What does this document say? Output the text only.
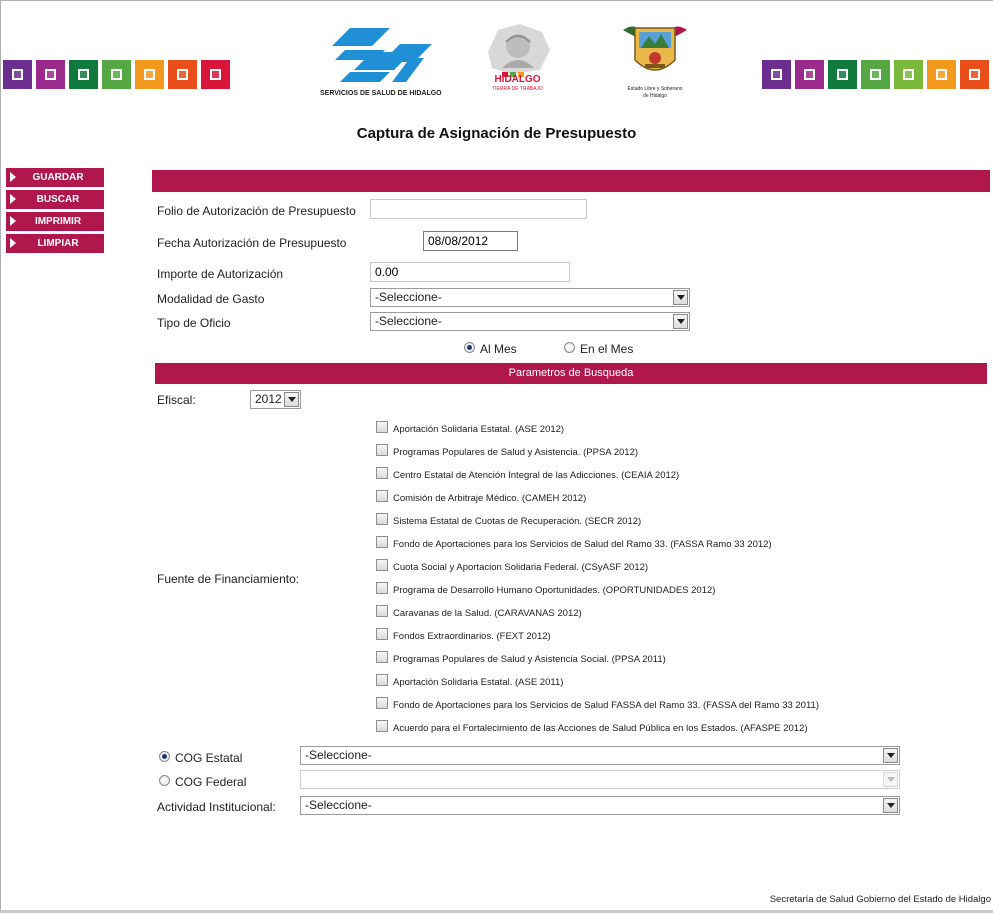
SERVICIOS DE SALUD DE HIDALGO
HIDALGO
TIERRA DE TRABAJO	Estado Libre y Soberano
de Hidalgo
Captura de Asignación de Presupuesto
GUARDAR
BUSCAR
IMPRIMIR
LIMPIAR
Folio de Autorización de Presupuesto
Fecha Autorización de Presupuesto
08/08/2012
Importe de Autorización
0.00
Modalidad de Gasto	-Seleccione-
Tipo de Oficio	-Seleccione-
Al Mes	En el Mes
Parametros de Busqueda
Efiscal:	2012
Fuente de Financiamiento:
Aportación Solidaria Estatal. (ASE 2012)
Programas Populares de Salud y Asistencia. (PPSA 2012)
Centro Estatal de Atención Integral de las Adicciones. (CEAIA 2012)
Comisión de Arbitraje Médico. (CAMEH 2012)
Sistema Estatal de Cuotas de Recuperación. (SECR 2012)
Fondo de Aportaciones para los Servicios de Salud del Ramo 33. (FASSA Ramo 33 2012)
Cuota Social y Aportacion Solidaria Federal. (CSyASF 2012)
Programa de Desarrollo Humano Oportunidades. (OPORTUNIDADES 2012)
Caravanas de la Salud. (CARAVANAS 2012)
Fondos Extraordinarios. (FEXT 2012)
Programas Populares de Salud y Asistencia Social. (PPSA 2011)
Aportación Solidaria Estatal. (ASE 2011)
Fondo de Aportaciones para los Servicios de Salud FASSA del Ramo 33. (FASSA del Ramo 33 2011)
Acuerdo para el Fortalecimiento de las Acciones de Salud Pública en los Estados. (AFASPE 2012)
COG Estatal	-Seleccione-
COG Federal
Actividad Institucional:	-Seleccione-
Secretaría de Salud Gobierno del Estado de Hidalgo
